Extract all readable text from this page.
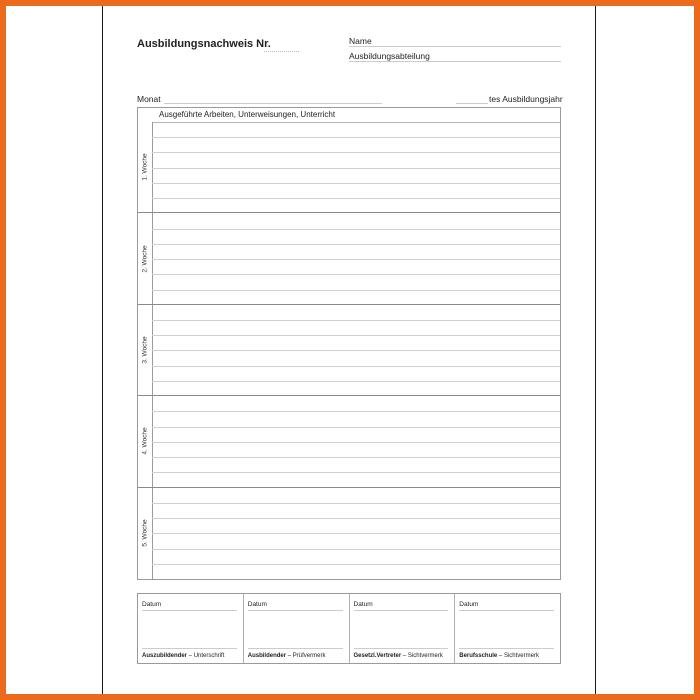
Ausbildungsnachweis Nr.	Name
Ausbildungsabteilung
Monat	tes Ausbildungsjahr
Ausgeführte Arbeiten, Unterweisungen, Unterricht
1. Woche
2. Woche
3. Woche
4. Woche
5. Woche
Datum
Auszubildender – Unterschrift
Datum
Ausbildender – Prüfvermerk
Datum
Gesetzl.Vertreter – Sichtvermerk
Datum
Berufsschule – Sichtvermerk
